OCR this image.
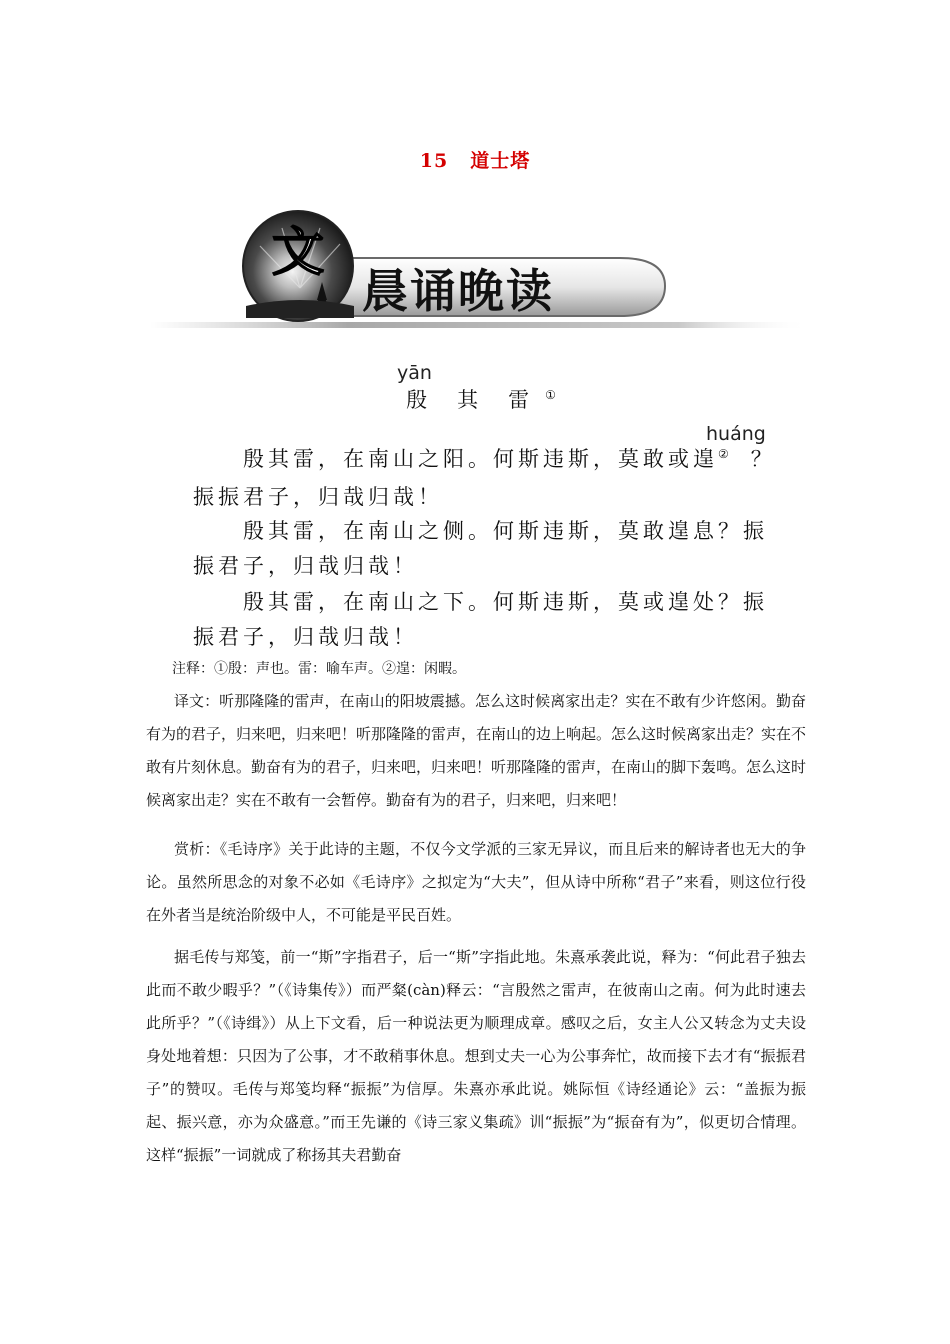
15 道士塔
文
晨诵晚读
yān
殷 其 雷 ①
huáng
殷其雷，在南山之阳。何斯违斯，莫敢或遑② ？
振振君子，归哉归哉！
殷其雷，在南山之侧。何斯违斯，莫敢遑息？振
振君子，归哉归哉！
殷其雷，在南山之下。何斯违斯，莫或遑处？振
振君子，归哉归哉！
注释：①殷：声也。雷：喻车声。②遑：闲暇。
译文：听那隆隆的雷声，在南山的阳坡震撼。怎么这时候离家出走？实在不敢有少许悠闲。勤奋有为的君子，归来吧，归来吧！听那隆隆的雷声，在南山的边上响起。怎么这时候离家出走？实在不敢有片刻休息。勤奋有为的君子，归来吧，归来吧！听那隆隆的雷声，在南山的脚下轰鸣。怎么这时候离家出走？实在不敢有一会暂停。勤奋有为的君子，归来吧，归来吧！
赏析：《毛诗序》关于此诗的主题，不仅今文学派的三家无异议，而且后来的解诗者也无大的争论。虽然所思念的对象不必如《毛诗序》之拟定为“大夫”，但从诗中所称“君子”来看，则这位行役在外者当是统治阶级中人，不可能是平民百姓。
据毛传与郑笺，前一“斯”字指君子，后一“斯”字指此地。朱熹承袭此说，释为：“何此君子独去此而不敢少暇乎？”（《诗集传》）而严粲(càn)释云：“言殷然之雷声，在彼南山之南。何为此时速去此所乎？”（《诗缉》）从上下文看，后一种说法更为顺理成章。感叹之后，女主人公又转念为丈夫设身处地着想：只因为了公事，才不敢稍事休息。想到丈夫一心为公事奔忙，故而接下去才有“振振君子”的赞叹。毛传与郑笺均释“振振”为信厚。朱熹亦承此说。姚际恒《诗经通论》云：“盖振为振起、振兴意，亦为众盛意。”而王先谦的《诗三家义集疏》训“振振”为“振奋有为”，似更切合情理。这样“振振”一词就成了称扬其夫君勤奋
